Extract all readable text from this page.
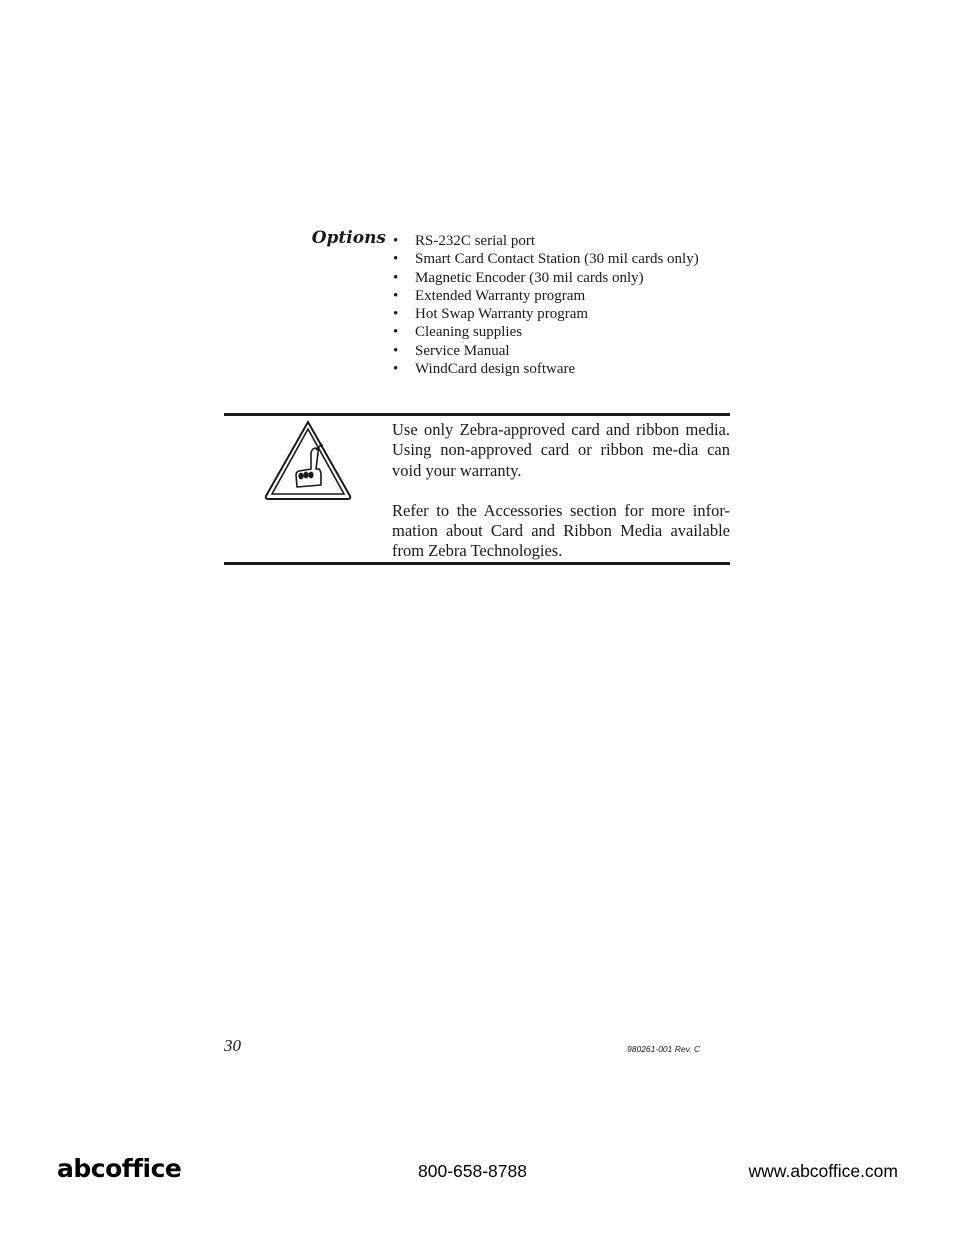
Options
•	RS-232C serial port
• Smart Card Contact Station (30 mil cards only)
• Magnetic Encoder (30 mil cards only)
• Extended Warranty program
• Hot Swap Warranty program
• Cleaning supplies
• Service Manual
• WindCard design software

Use only Zebra-approved card and ribbon media. Using non-approved card or ribbon me-dia can void your warranty.

Refer to the Accessories section for more infor-mation about Card and Ribbon Media available from Zebra Technologies.

30	980261-001 Rev. C
abcoffice	800-658-8788	www.abcoffice.com
